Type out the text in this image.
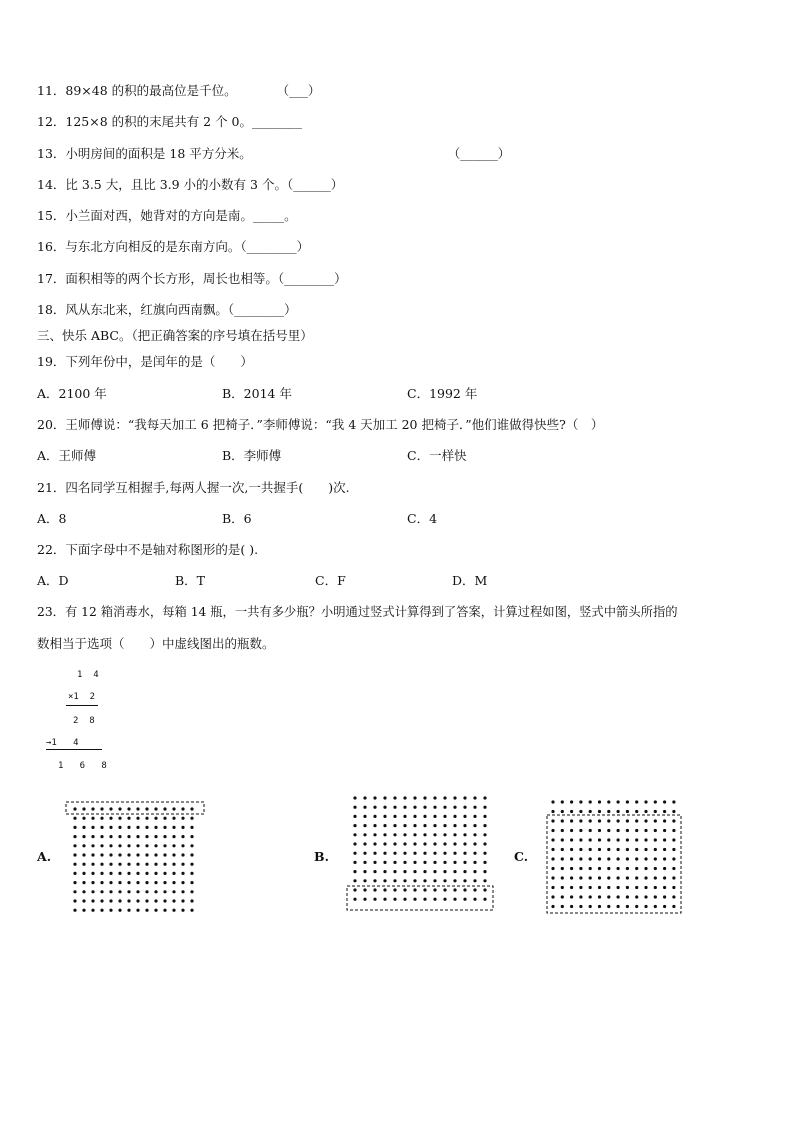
11．89×48 的积的最高位是千位。	（___）
12．125×8 的积的末尾共有 2 个 0。________
13．小明房间的面积是 18 平方分米。	（______）
14．比 3.5 大，且比 3.9 小的小数有 3 个。（______）
15．小兰面对西，她背对的方向是南。_____。
16．与东北方向相反的是东南方向。（________）
17．面积相等的两个长方形，周长也相等。（________）
18．风从东北来，红旗向西南飘。（________）
三、快乐 ABC。（把正确答案的序号填在括号里）
19．下列年份中，是闰年的是（　　）
A．2100 年	B．2014 年	C．1992 年
20．王师傅说：“我每天加工 6 把椅子．”李师傅说：“我 4 天加工 20 把椅子．”他们谁做得快些?（　）
A．王师傅	B．李师傅	C．一样快
21．四名同学互相握手,每两人握一次,一共握手(　　)次.
A．8	B．6	C．4
22．下面字母中不是轴对称图形的是( ).
A．D	B．T	C．F	D．M
23．有 12 箱消毒水，每箱 14 瓶，一共有多少瓶？小明通过竖式计算得到了答案，计算过程如图，竖式中箭头所指的
数相当于选项（　　）中虚线图出的瓶数。
1  4
×1  2
2  8
→1   4
1   6   8
A.	B.	C.
